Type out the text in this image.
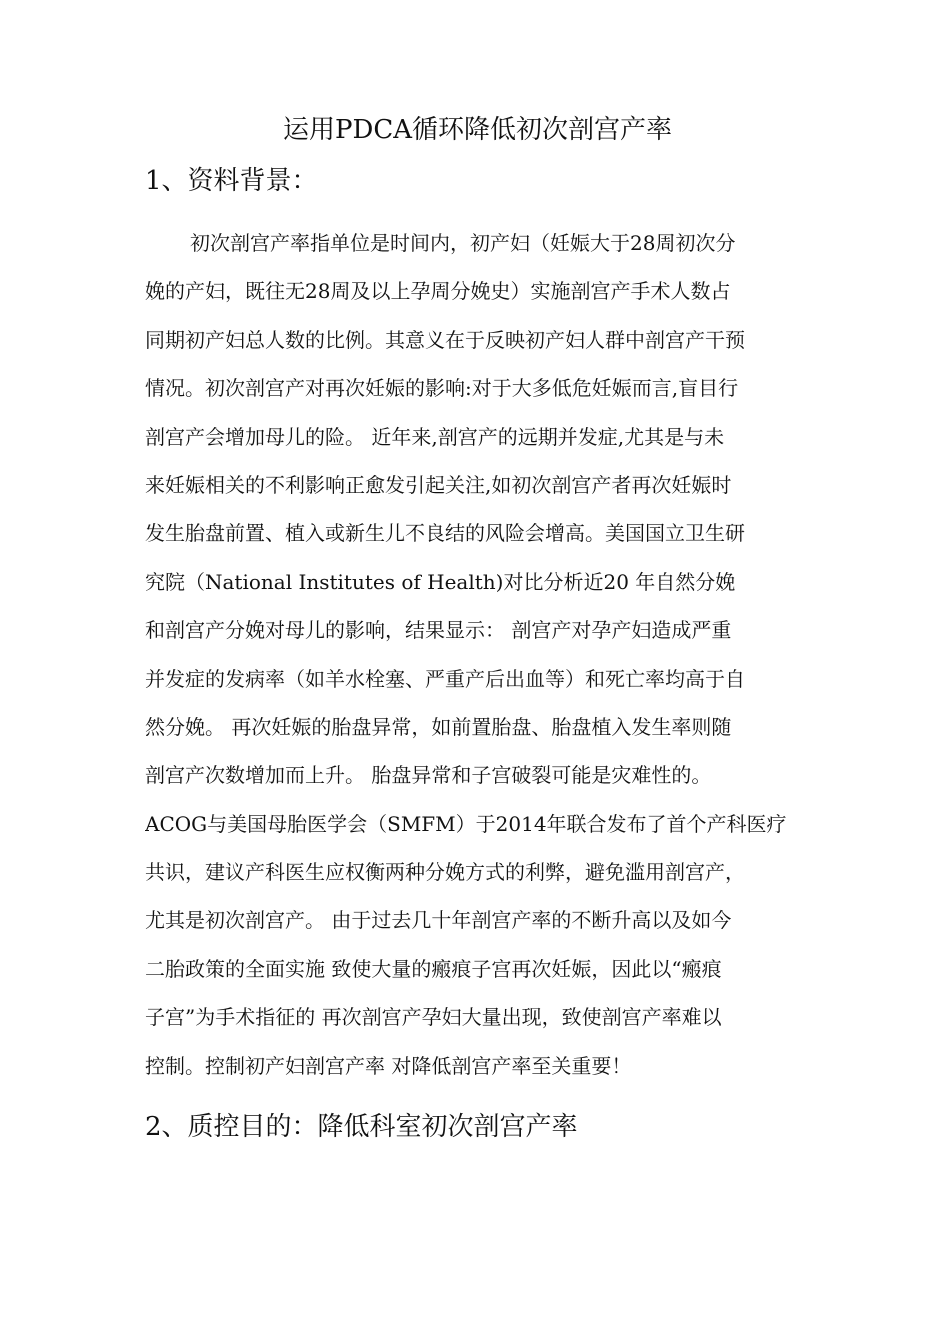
运用PDCA循环降低初次剖宫产率
1、资料背景：
初次剖宫产率指单位是时间内，初产妇（妊娠大于28周初次分
娩的产妇，既往无28周及以上孕周分娩史）实施剖宫产手术人数占
同期初产妇总人数的比例。其意义在于反映初产妇人群中剖宫产干预
情况。初次剖宫产对再次妊娠的影响:对于大多低危妊娠而言,盲目行
剖宫产会增加母儿的险。 近年来,剖宫产的远期并发症,尤其是与未
来妊娠相关的不利影响正愈发引起关注,如初次剖宫产者再次妊娠时
发生胎盘前置、植入或新生儿不良结的风险会增高。美国国立卫生研
究院（National Institutes of Health)对比分析近20 年自然分娩
和剖宫产分娩对母儿的影响，结果显示： 剖宫产对孕产妇造成严重
并发症的发病率（如羊水栓塞、严重产后出血等）和死亡率均高于自
然分娩。 再次妊娠的胎盘异常，如前置胎盘、胎盘植入发生率则随
剖宫产次数增加而上升。 胎盘异常和子宫破裂可能是灾难性的。
ACOG与美国母胎医学会（SMFM）于2014年联合发布了首个产科医疗
共识，建议产科医生应权衡两种分娩方式的利弊，避免滥用剖宫产，
尤其是初次剖宫产。 由于过去几十年剖宫产率的不断升高以及如今
二胎政策的全面实施 致使大量的瘢痕子宫再次妊娠，因此以“瘢痕
子宫”为手术指征的 再次剖宫产孕妇大量出现，致使剖宫产率难以
控制。控制初产妇剖宫产率 对降低剖宫产率至关重要！
2、质控目的：降低科室初次剖宫产率
